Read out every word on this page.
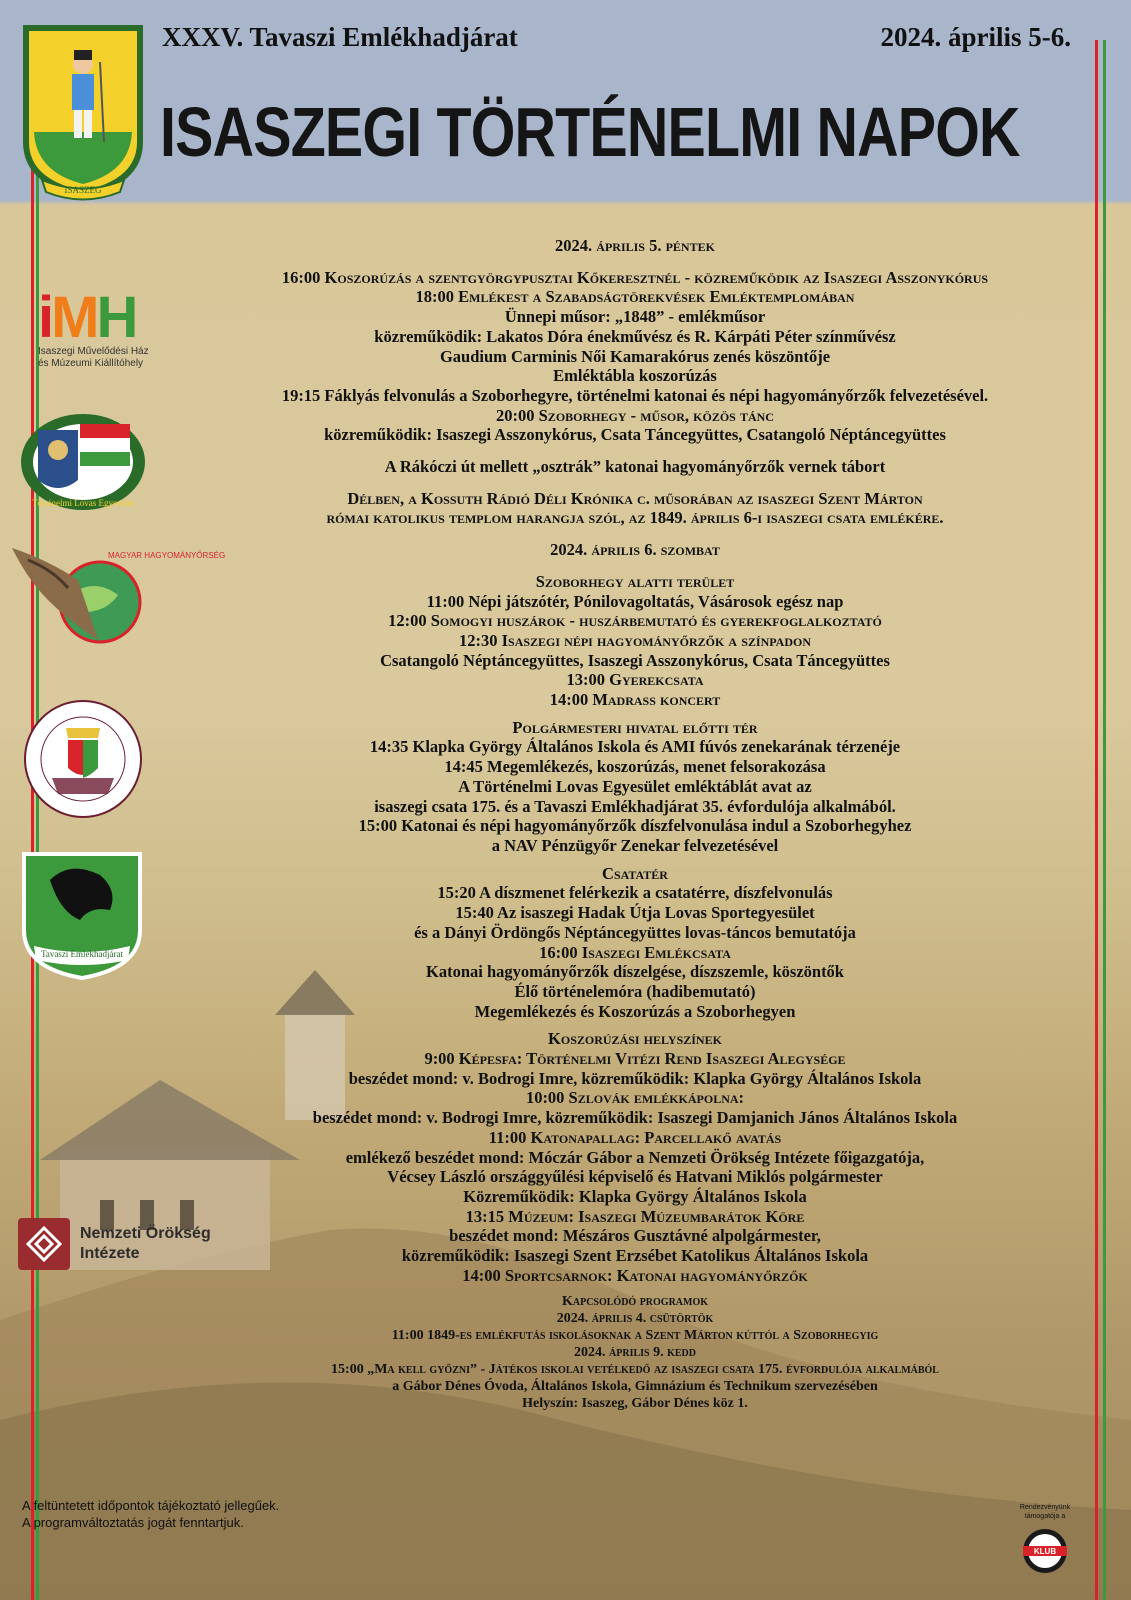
ISASZEG
XXXV. Tavaszi Emlékhadjárat	2024. április 5-6.
ISASZEGI TÖRTÉNELMI NAPOK
iMH
Isaszegi Művelődési Ház
és Múzeumi Kiállítóhely
Történelmi Lovas Egyesület
MAGYAR HAGYOMÁNYŐRSÉG
Tavaszi Emlékhadjárat
Nemzeti Örökség
Intézete
2024. április 5. péntek
16:00 Koszorúzás a szentgyörgypusztai Kőkeresztnél - közreműködik az Isaszegi Asszonykórus
18:00 Emlékest a Szabadságtörekvések Emléktemplomában
Ünnepi műsor: „1848” - emlékműsor
közreműködik: Lakatos Dóra énekművész és R. Kárpáti Péter színművész
Gaudium Carminis Női Kamarakórus zenés köszöntője
Emléktábla koszorúzás
19:15 Fáklyás felvonulás a Szoborhegyre, történelmi katonai és népi hagyományőrzők felvezetésével.
20:00 Szoborhegy - műsor, közös tánc
közreműködik: Isaszegi Asszonykórus, Csata Táncegyüttes, Csatangoló Néptáncegyüttes
A Rákóczi út mellett „osztrák” katonai hagyományőrzők vernek tábort
Délben, a Kossuth Rádió Déli Krónika c. műsorában az isaszegi Szent Márton
római katolikus templom harangja szól, az 1849. április 6-i isaszegi csata emlékére.
2024. április 6. szombat
Szoborhegy alatti terület
11:00 Népi játszótér, Pónilovagoltatás, Vásárosok egész nap
12:00 Somogyi huszárok - huszárbemutató és gyerekfoglalkoztató
12:30 Isaszegi népi hagyományőrzők a színpadon
Csatangoló Néptáncegyüttes, Isaszegi Asszonykórus, Csata Táncegyüttes
13:00 Gyerekcsata
14:00 Madrass koncert
Polgármesteri hivatal előtti tér
14:35 Klapka György Általános Iskola és AMI fúvós zenekarának térzenéje
14:45 Megemlékezés, koszorúzás, menet felsorakozása
A Történelmi Lovas Egyesület emléktáblát avat az
isaszegi csata 175. és a Tavaszi Emlékhadjárat 35. évfordulója alkalmából.
15:00 Katonai és népi hagyományőrzők díszfelvonulása indul a Szoborhegyhez
a NAV Pénzügyőr Zenekar felvezetésével
Csatatér
15:20 A díszmenet felérkezik a csatatérre, díszfelvonulás
15:40 Az isaszegi Hadak Útja Lovas Sportegyesület
és a Dányi Ördöngős Néptáncegyüttes lovas-táncos bemutatója
16:00 Isaszegi Emlékcsata
Katonai hagyományőrzők díszelgése, díszszemle, köszöntők
Élő történelemóra (hadibemutató)
Megemlékezés és Koszorúzás a Szoborhegyen
Koszorúzási helyszínek
9:00 Képesfa: Történelmi Vitézi Rend Isaszegi Alegysége
beszédet mond: v. Bodrogi Imre, közreműködik: Klapka György Általános Iskola
10:00 Szlovák emlékkápolna:
beszédet mond: v. Bodrogi Imre, közreműködik: Isaszegi Damjanich János Általános Iskola
11:00 Katonapallag: Parcellakő avatás
emlékező beszédet mond: Móczár Gábor a Nemzeti Örökség Intézete főigazgatója,
Vécsey László országgyűlési képviselő és Hatvani Miklós polgármester
Közreműködik: Klapka György Általános Iskola
13:15 Múzeum: Isaszegi Múzeumbarátok Köre
beszédet mond: Mészáros Gusztávné alpolgármester,
közreműködik: Isaszegi Szent Erzsébet Katolikus Általános Iskola
14:00 Sportcsarnok: Katonai hagyományőrzők
Kapcsolódó programok
2024. április 4. csütörtök
11:00 1849-es emlékfutás iskolásoknak a Szent Márton kúttól a Szoborhegyig
2024. április 9. kedd
15:00 „Ma kell győzni” - Játékos iskolai vetélkedő az isaszegi csata 175. évfordulója alkalmából
a Gábor Dénes Óvoda, Általános Iskola, Gimnázium és Technikum szervezésében
Helyszín: Isaszeg, Gábor Dénes köz 1.
A feltüntetett időpontok tájékoztató jellegűek.
A programváltoztatás jogát fenntartjuk.
Rendezvényünk
támogatója a
KLUB
